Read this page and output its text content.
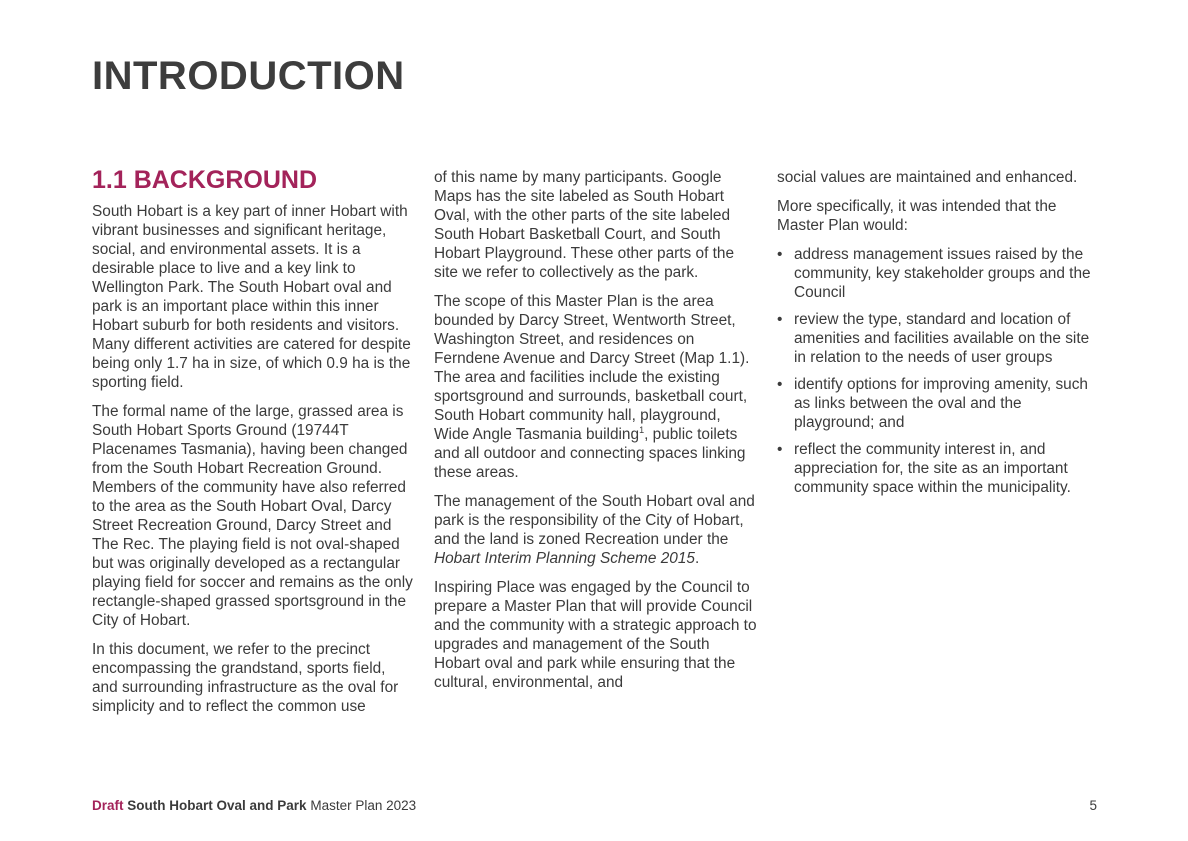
INTRODUCTION
1.1 BACKGROUND

South Hobart is a key part of inner Hobart with vibrant businesses and significant heritage, social, and environmental assets. It is a desirable place to live and a key link to Wellington Park. The South Hobart oval and park is an important place within this inner Hobart suburb for both residents and visitors. Many different activities are catered for despite being only 1.7 ha in size, of which 0.9 ha is the sporting field.

The formal name of the large, grassed area is South Hobart Sports Ground (19744T Placenames Tasmania), having been changed from the South Hobart Recreation Ground. Members of the community have also referred to the area as the South Hobart Oval, Darcy Street Recreation Ground, Darcy Street and The Rec. The playing field is not oval-shaped but was originally developed as a rectangular playing field for soccer and remains as the only rectangle-shaped grassed sportsground in the City of Hobart.

In this document, we refer to the precinct encompassing the grandstand, sports field, and surrounding infrastructure as the oval for simplicity and to reflect the common use

of this name by many participants. Google Maps has the site labeled as South Hobart Oval, with the other parts of the site labeled South Hobart Basketball Court, and South Hobart Playground. These other parts of the site we refer to collectively as the park.

The scope of this Master Plan is the area bounded by Darcy Street, Wentworth Street, Washington Street, and residences on Ferndene Avenue and Darcy Street (Map 1.1). The area and facilities include the existing sportsground and surrounds, basketball court, South Hobart community hall, playground, Wide Angle Tasmania building$^1$, public toilets and all outdoor and connecting spaces linking these areas.

The management of the South Hobart oval and park is the responsibility of the City of Hobart, and the land is zoned Recreation under the Hobart Interim Planning Scheme 2015.

Inspiring Place was engaged by the Council to prepare a Master Plan that will provide Council and the community with a strategic approach to upgrades and management of the South Hobart oval and park while ensuring that the cultural, environmental, and

social values are maintained and enhanced.

More specifically, it was intended that the Master Plan would:

• address management issues raised by the community, key stakeholder groups and the Council
• review the type, standard and location of amenities and facilities available on the site in relation to the needs of user groups
• identify options for improving amenity, such as links between the oval and the playground; and
• reflect the community interest in, and appreciation for, the site as an important community space within the municipality.
Draft South Hobart Oval and Park Master Plan 2023	5
